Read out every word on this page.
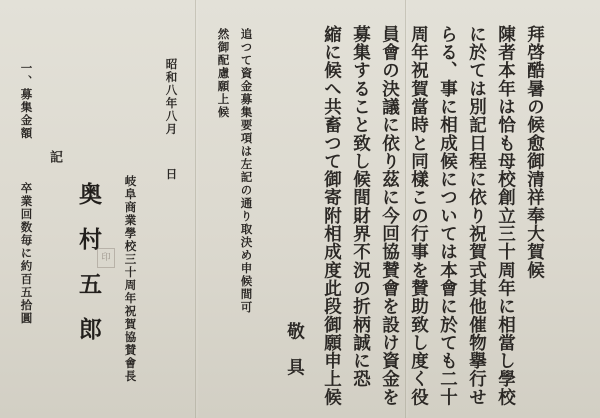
拜啓酷暑の候愈御清祥奉大賀候
陳者本年は恰も母校創立三十周年に相當し學校
に於ては別記日程に依り祝賀式其他催物擧行せ
らる、事に相成候については本會に於ても二十
周年祝賀當時と同樣この行事を賛助致し度く役
員會の決議に依り茲に今回協賛會を設け資金を
募集すること致し候間財界不況の折柄誠に恐
縮に候へ共畜つて御寄附相成度此段御願申上候
敬　具
追つて資金募集要項は左記の通り取決め申候間可
然御配慮願上候
昭和八年八月
日
岐阜商業學校三十周年祝賀協賛會長
奥村五郎 印
記
一、募集金額
卒業回数毎に約百五拾圓
